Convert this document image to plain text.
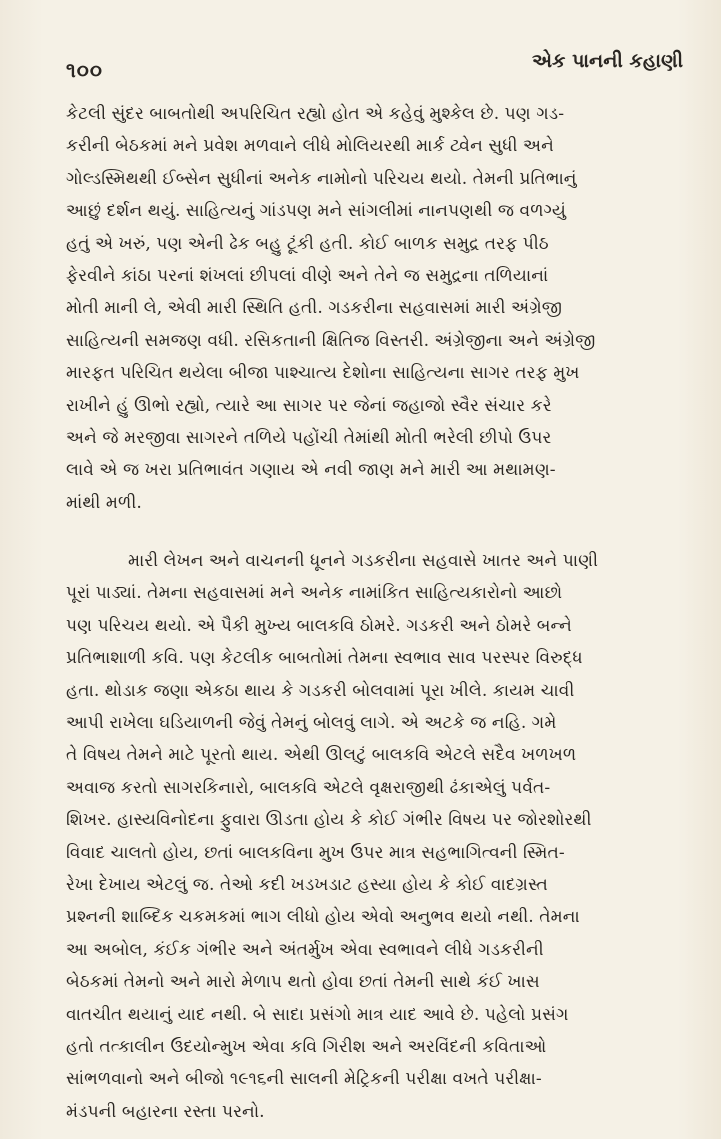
૧૦૦	એક પાનની કહાણી
કેટલી સુંદર બાબતોથી અપરિચિત રહ્યો હોત એ કહેવું મુશ્કેલ છે. પણ ગડ-
કરીની બેઠકમાં મને પ્રવેશ મળવાને લીધે મોલિયરથી માર્ક ટ્વેન સુધી અને
ગોલ્ડસ્મિથથી ઈબ્સેન સુધીનાં અનેક નામોનો પરિચય થયો. તેમની પ્રતિભાનું
આછું દર્શન થયું. સાહિત્યનું ગાંડપણ મને સાંગલીમાં નાનપણથી જ વળગ્યું
હતું એ ખરું, પણ એની ઢેક બહુ ટૂંકી હતી. કોઈ બાળક સમુદ્ર તરફ પીઠ
ફેરવીને કાંઠા પરનાં શંખલાં છીપલાં વીણે અને તેને જ સમુદ્રના તળિયાનાં
મોતી માની લે, એવી મારી સ્થિતિ હતી. ગડકરીના સહવાસમાં મારી અંગ્રેજી
સાહિત્યની સમજણ વધી. રસિકતાની ક્ષિતિજ વિસ્તરી. અંગ્રેજીના અને અંગ્રેજી
મારફત પરિચિત થયેલા બીજા પાશ્ચાત્ય દેશોના સાહિત્યના સાગર તરફ મુખ
રાખીને હું ઊભો રહ્યો, ત્યારે આ સાગર પર જેનાં જહાજો સ્વૈર સંચાર કરે
અને જે મરજીવા સાગરને તળિયે પહોંચી તેમાંથી મોતી ભરેલી છીપો ઉપર
લાવે એ જ ખરા પ્રતિભાવંત ગણાય એ નવી જાણ મને મારી આ મથામણ-
માંથી મળી.
મારી લેખન અને વાચનની ધૂનને ગડકરીના સહવાસે ખાતર અને પાણી
પૂરાં પાડ્યાં. તેમના સહવાસમાં મને અનેક નામાંકિત સાહિત્યકારોનો આછો
પણ પરિચય થયો. એ પૈકી મુખ્ય બાલકવિ ઠોમરે. ગડકરી અને ઠોમરે બન્ને
પ્રતિભાશાળી કવિ. પણ કેટલીક બાબતોમાં તેમના સ્વભાવ સાવ પરસ્પર વિરુદ્ધ
હતા. થોડાક જણા એકઠા થાય કે ગડકરી બોલવામાં પૂરા ખીલે. કાયમ ચાવી
આપી રાખેલા ઘડિયાળની જેવું તેમનું બોલવું લાગે. એ અટકે જ નહિ. ગમે
તે વિષય તેમને માટે પૂરતો થાય. એથી ઊલટું બાલકવિ એટલે સદૈવ ખળખળ
અવાજ કરતો સાગરકિનારો, બાલકવિ એટલે વૃક્ષરાજીથી ઢંકાએલું પર્વત-
શિખર. હાસ્યવિનોદના ફુવારા ઊડતા હોય કે કોઈ ગંભીર વિષય પર જોરશોરથી
વિવાદ ચાલતો હોય, છતાં બાલકવિના મુખ ઉપર માત્ર સહભાગિત્વની સ્મિત-
રેખા દેખાય એટલું જ. તેઓ કદી ખડખડાટ હસ્યા હોય કે કોઈ વાદગ્રસ્ત
પ્રશ્નની શાબ્દિક ચકમકમાં ભાગ લીધો હોય એવો અનુભવ થયો નથી. તેમના
આ અબોલ, કંઈક ગંભીર અને અંતર્મુખ એવા સ્વભાવને લીધે ગડકરીની
બેઠકમાં તેમનો અને મારો મેળાપ થતો હોવા છતાં તેમની સાથે કંઈ ખાસ
વાતચીત થયાનું યાદ નથી. બે સાદા પ્રસંગો માત્ર યાદ આવે છે. પહેલો પ્રસંગ
હતો તત્કાલીન ઉદયોન્મુખ એવા કવિ ગિરીશ અને અરવિંદની કવિતાઓ
સાંભળવાનો અને બીજો ૧૯૧૬ની સાલની મેટ્રિકની પરીક્ષા વખતે પરીક્ષા-
મંડપની બહારના રસ્તા પરનો.
